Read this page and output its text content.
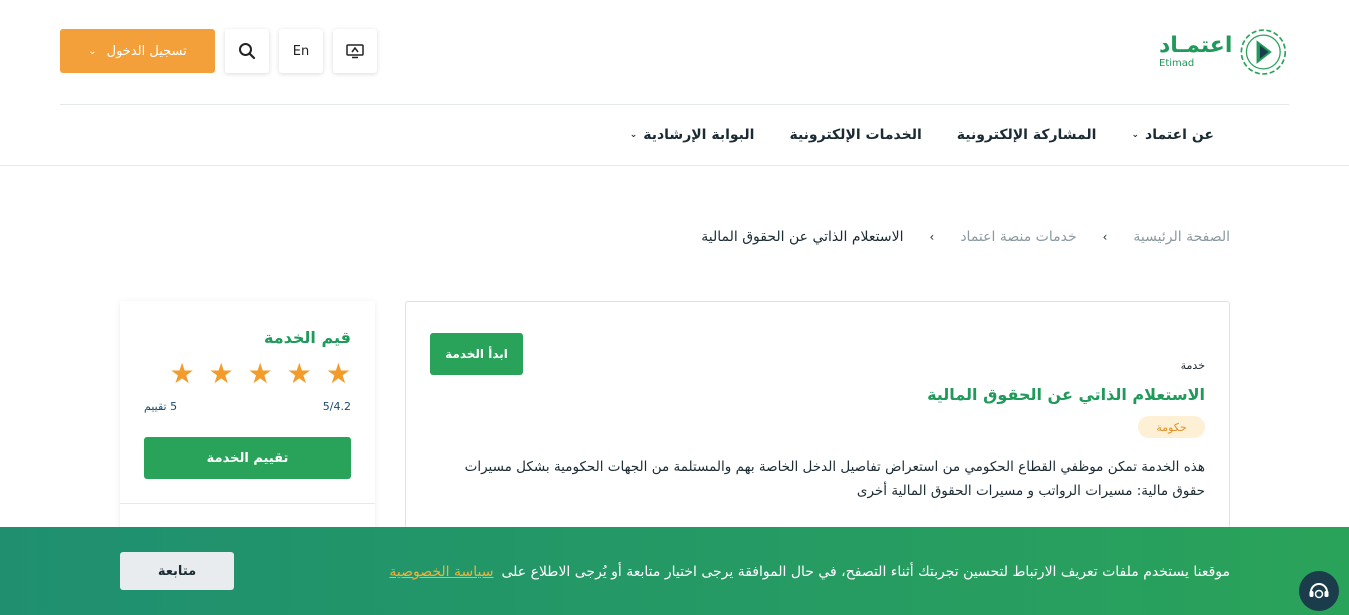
اعتمـاد
Etimad
تسجيل الدخول
⌄	En
عن اعتماد
⌄
المشاركة الإلكترونية
الخدمات الإلكترونية
البوابة الإرشادية
⌄
الصفحة الرئيسية
›
خدمات منصة اعتماد
›
الاستعلام الذاتي عن الحقوق المالية
ابدأ الخدمة
خدمة
الاستعلام الذاتي عن الحقوق المالية
حكومة
هذه الخدمة تمكن موظفي القطاع الحكومي من استعراض تفاصيل الدخل الخاصة بهم والمستلمة من الجهات الحكومية بشكل مسيرات حقوق مالية: مسيرات الرواتب و مسيرات الحقوق المالية أخرى
قيم الخدمة
★
★
★
★
★
5/4.2
5 تقييم
تقييم الخدمة
موقعنا يستخدم ملفات تعريف الارتباط لتحسين تجربتك أثناء التصفح، في حال الموافقة يرجى اختيار متابعة أو يُرجى الاطلاع على
سياسة الخصوصية
متابعة
